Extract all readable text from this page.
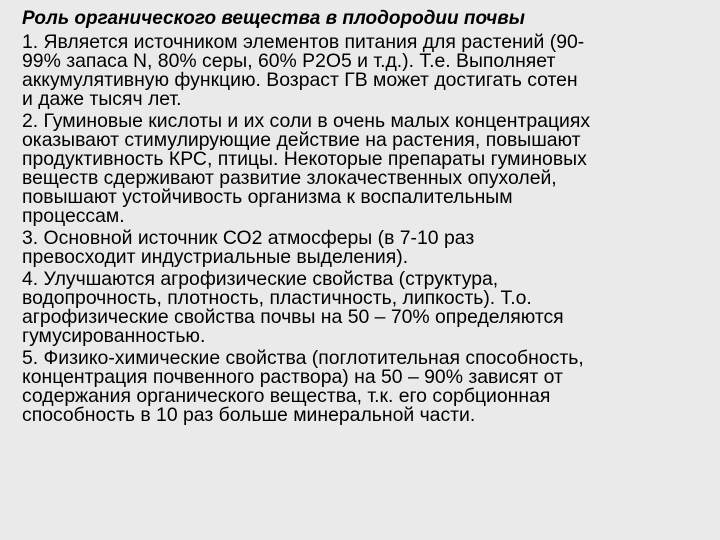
Роль органического вещества в плодородии почвы

1. Является источником элементов питания для растений (90-

99% запаса N, 80% серы, 60% Р2О5 и т.д.). Т.е. Выполняет

аккумулятивную функцию. Возраст ГВ может достигать сотен

и даже тысяч лет.

2. Гуминовые кислоты и их соли в очень малых концентрациях

оказывают стимулирующие действие на растения, повышают

продуктивность КРС, птицы. Некоторые препараты гуминовых

веществ сдерживают развитие злокачественных опухолей,

повышают устойчивость организма к воспалительным

процессам.

3. Основной источник СО2 атмосферы (в 7-10 раз

превосходит индустриальные выделения).

4. Улучшаются агрофизические свойства (структура,

водопрочность, плотность, пластичность, липкость). Т.о.

агрофизические свойства почвы на 50 – 70% определяются

гумусированностью.

5. Физико-химические свойства (поглотительная способность,

концентрация почвенного раствора) на 50 – 90% зависят от

содержания органического вещества, т.к. его сорбционная

способность в 10 раз больше минеральной части.
